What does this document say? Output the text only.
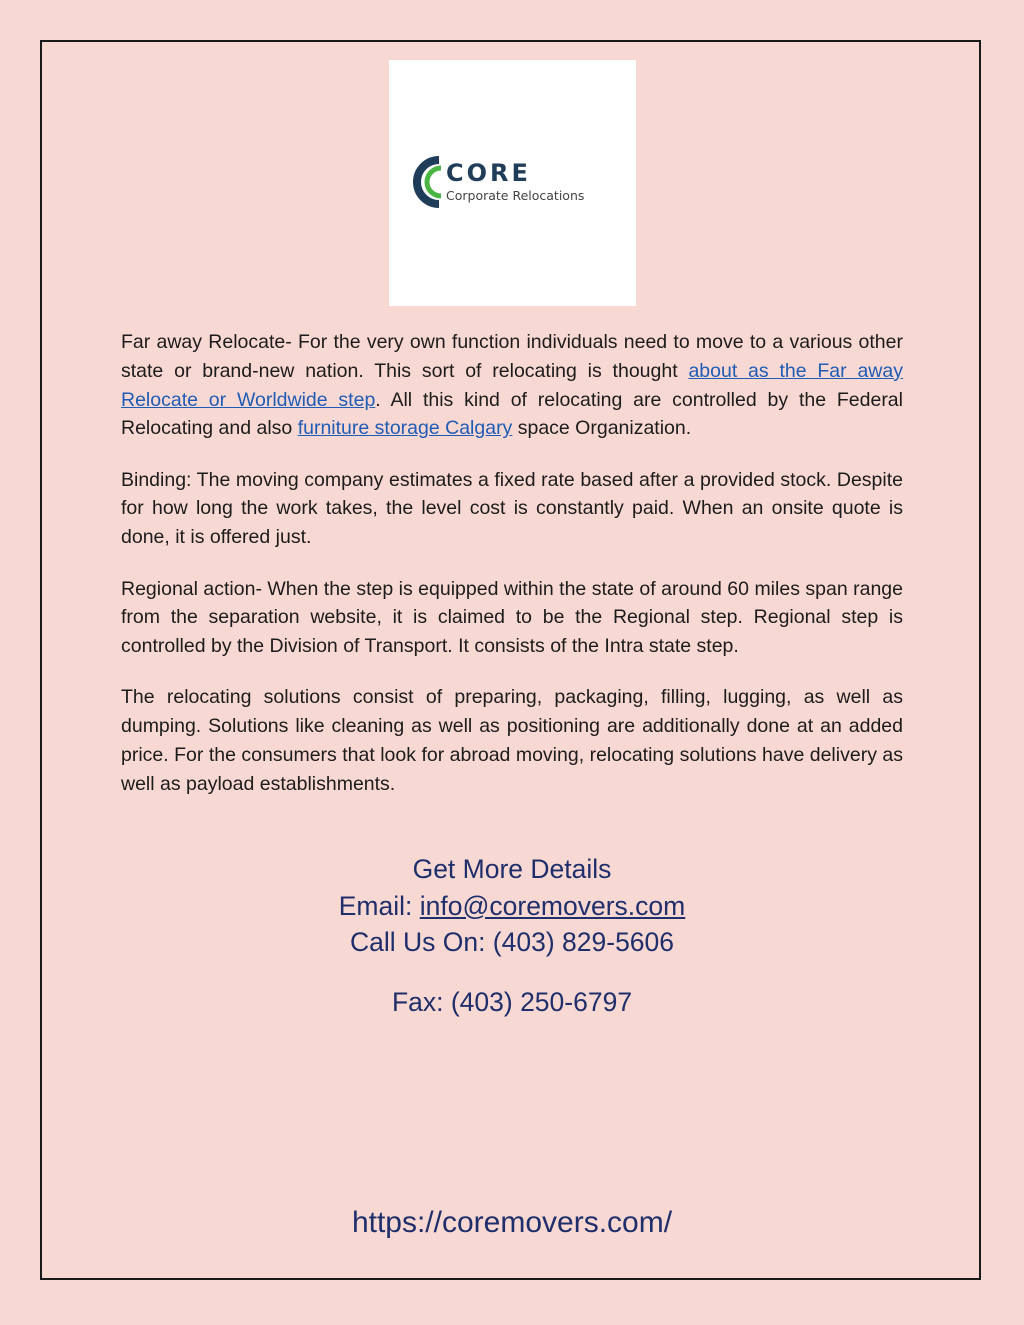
CORE
Corporate Relocations

Far away Relocate- For the very own function individuals need to move to a various other state or brand-new nation. This sort of relocating is thought about as the Far away Relocate or Worldwide step. All this kind of relocating are controlled by the Federal Relocating and also furniture storage Calgary space Organization.

Binding: The moving company estimates a fixed rate based after a provided stock. Despite for how long the work takes, the level cost is constantly paid. When an onsite quote is done, it is offered just.

Regional action- When the step is equipped within the state of around 60 miles span range from the separation website, it is claimed to be the Regional step. Regional step is controlled by the Division of Transport. It consists of the Intra state step.

The relocating solutions consist of preparing, packaging, filling, lugging, as well as dumping. Solutions like cleaning as well as positioning are additionally done at an added price. For the consumers that look for abroad moving, relocating solutions have delivery as well as payload establishments.

Get More Details
Email: info@coremovers.com
Call Us On: (403) 829-5606
Fax: (403) 250-6797
https://coremovers.com/
